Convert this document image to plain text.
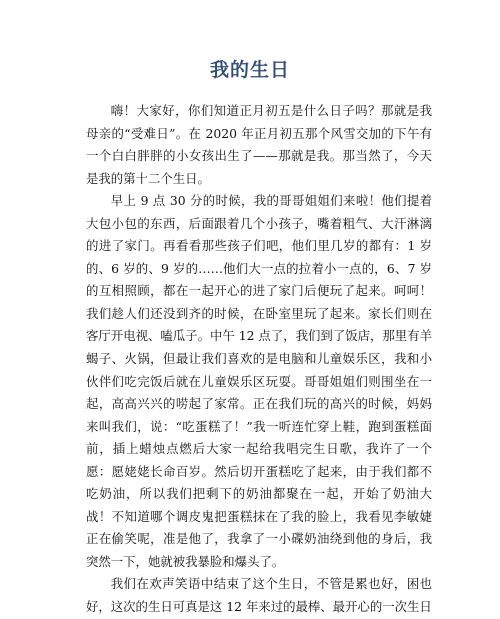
我的生日

嗨！大家好，你们知道正月初五是什么日子吗？那就是我母亲的“受难日”。在 2020 年正月初五那个风雪交加的下午有一个白白胖胖的小女孩出生了——那就是我。那当然了，今天是我的第十二个生日。

早上 9 点 30 分的时候，我的哥哥姐姐们来啦！他们提着大包小包的东西，后面跟着几个小孩子，嘴着粗气、大汗淋漓的进了家门。再看看那些孩子们吧，他们里几岁的都有：1 岁的、6 岁的、9 岁的……他们大一点的拉着小一点的，6、7 岁的互相照顾，都在一起开心的进了家门后便玩了起来。呵呵！我们趁人们还没到齐的时候，在卧室里玩了起来。家长们则在客厅开电视、嗑瓜子。中午 12 点了，我们到了饭店，那里有羊蝎子、火锅，但最让我们喜欢的是电脑和儿童娱乐区，我和小伙伴们吃完饭后就在儿童娱乐区玩耍。哥哥姐姐们则围坐在一起，高高兴兴的唠起了家常。正在我们玩的高兴的时候，妈妈来叫我们，说：“吃蛋糕了！”我一听连忙穿上鞋，跑到蛋糕面前，插上蜡烛点燃后大家一起给我唱完生日歌，我许了一个愿：愿姥姥长命百岁。然后切开蛋糕吃了起来，由于我们都不吃奶油，所以我们把剩下的奶油都聚在一起，开始了奶油大战！不知道哪个调皮鬼把蛋糕抹在了我的脸上，我看见李敏婕正在偷笑呢，准是他了，我拿了一小碟奶油绕到他的身后，我突然一下，她就被我暴脸和爆头了。

我们在欢声笑语中结束了这个生日，不管是累也好，困也好，这次的生日可真是这 12 年来过的最棒、最开心的一次生日
